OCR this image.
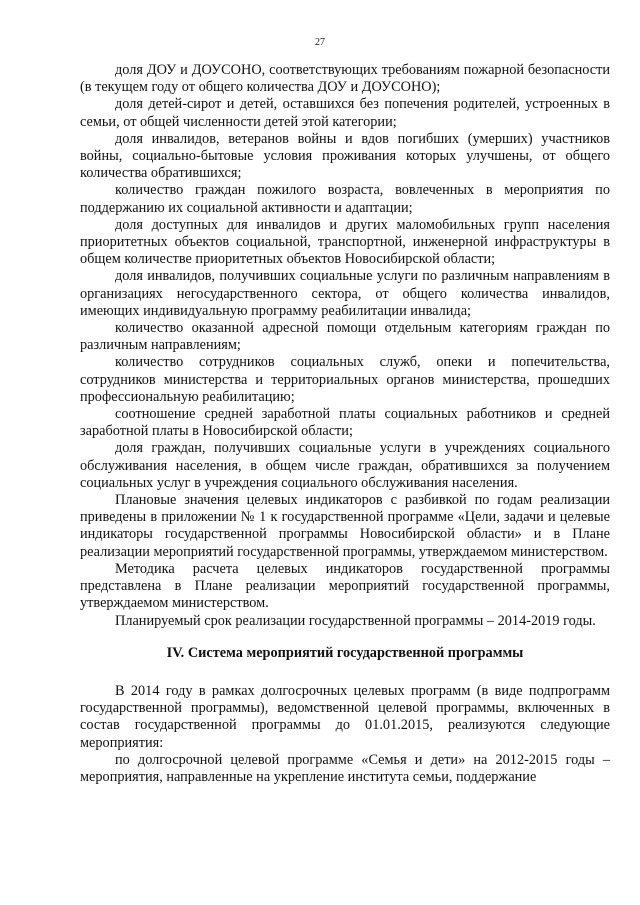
27

доля ДОУ и ДОУСОНО, соответствующих требованиям пожарной безопасности (в текущем году от общего количества ДОУ и ДОУСОНО);

доля детей-сирот и детей, оставшихся без попечения родителей, устроенных в семьи, от общей численности детей этой категории;

доля инвалидов, ветеранов войны и вдов погибших (умерших) участников войны, социально-бытовые условия проживания которых улучшены, от общего количества обратившихся;

количество граждан пожилого возраста, вовлеченных в мероприятия по поддержанию их социальной активности и адаптации;

доля доступных для инвалидов и других маломобильных групп населения приоритетных объектов социальной, транспортной, инженерной инфраструктуры в общем количестве приоритетных объектов Новосибирской области;

доля инвалидов, получивших социальные услуги по различным направлениям в организациях негосударственного сектора, от общего количества инвалидов, имеющих индивидуальную программу реабилитации инвалида;

количество оказанной адресной помощи отдельным категориям граждан по различным направлениям;

количество сотрудников социальных служб, опеки и попечительства, сотрудников министерства и территориальных органов министерства, прошедших профессиональную реабилитацию;

соотношение средней заработной платы социальных работников и средней заработной платы в Новосибирской области;

доля граждан, получивших социальные услуги в учреждениях социального обслуживания населения, в общем числе граждан, обратившихся за получением социальных услуг в учреждения социального обслуживания населения.

Плановые значения целевых индикаторов с разбивкой по годам реализации приведены в приложении № 1 к государственной программе «Цели, задачи и целевые индикаторы государственной программы Новосибирской области» и в Плане реализации мероприятий государственной программы, утверждаемом министерством.

Методика расчета целевых индикаторов государственной программы представлена в Плане реализации мероприятий государственной программы, утверждаемом министерством.

Планируемый срок реализации государственной программы – 2014-2019 годы.

IV. Система мероприятий государственной программы

В 2014 году в рамках долгосрочных целевых программ (в виде подпрограмм государственной программы), ведомственной целевой программы, включенных в состав государственной программы до 01.01.2015, реализуются следующие мероприятия:

по долгосрочной целевой программе «Семья и дети» на 2012-2015 годы – мероприятия, направленные на укрепление института семьи, поддержание
